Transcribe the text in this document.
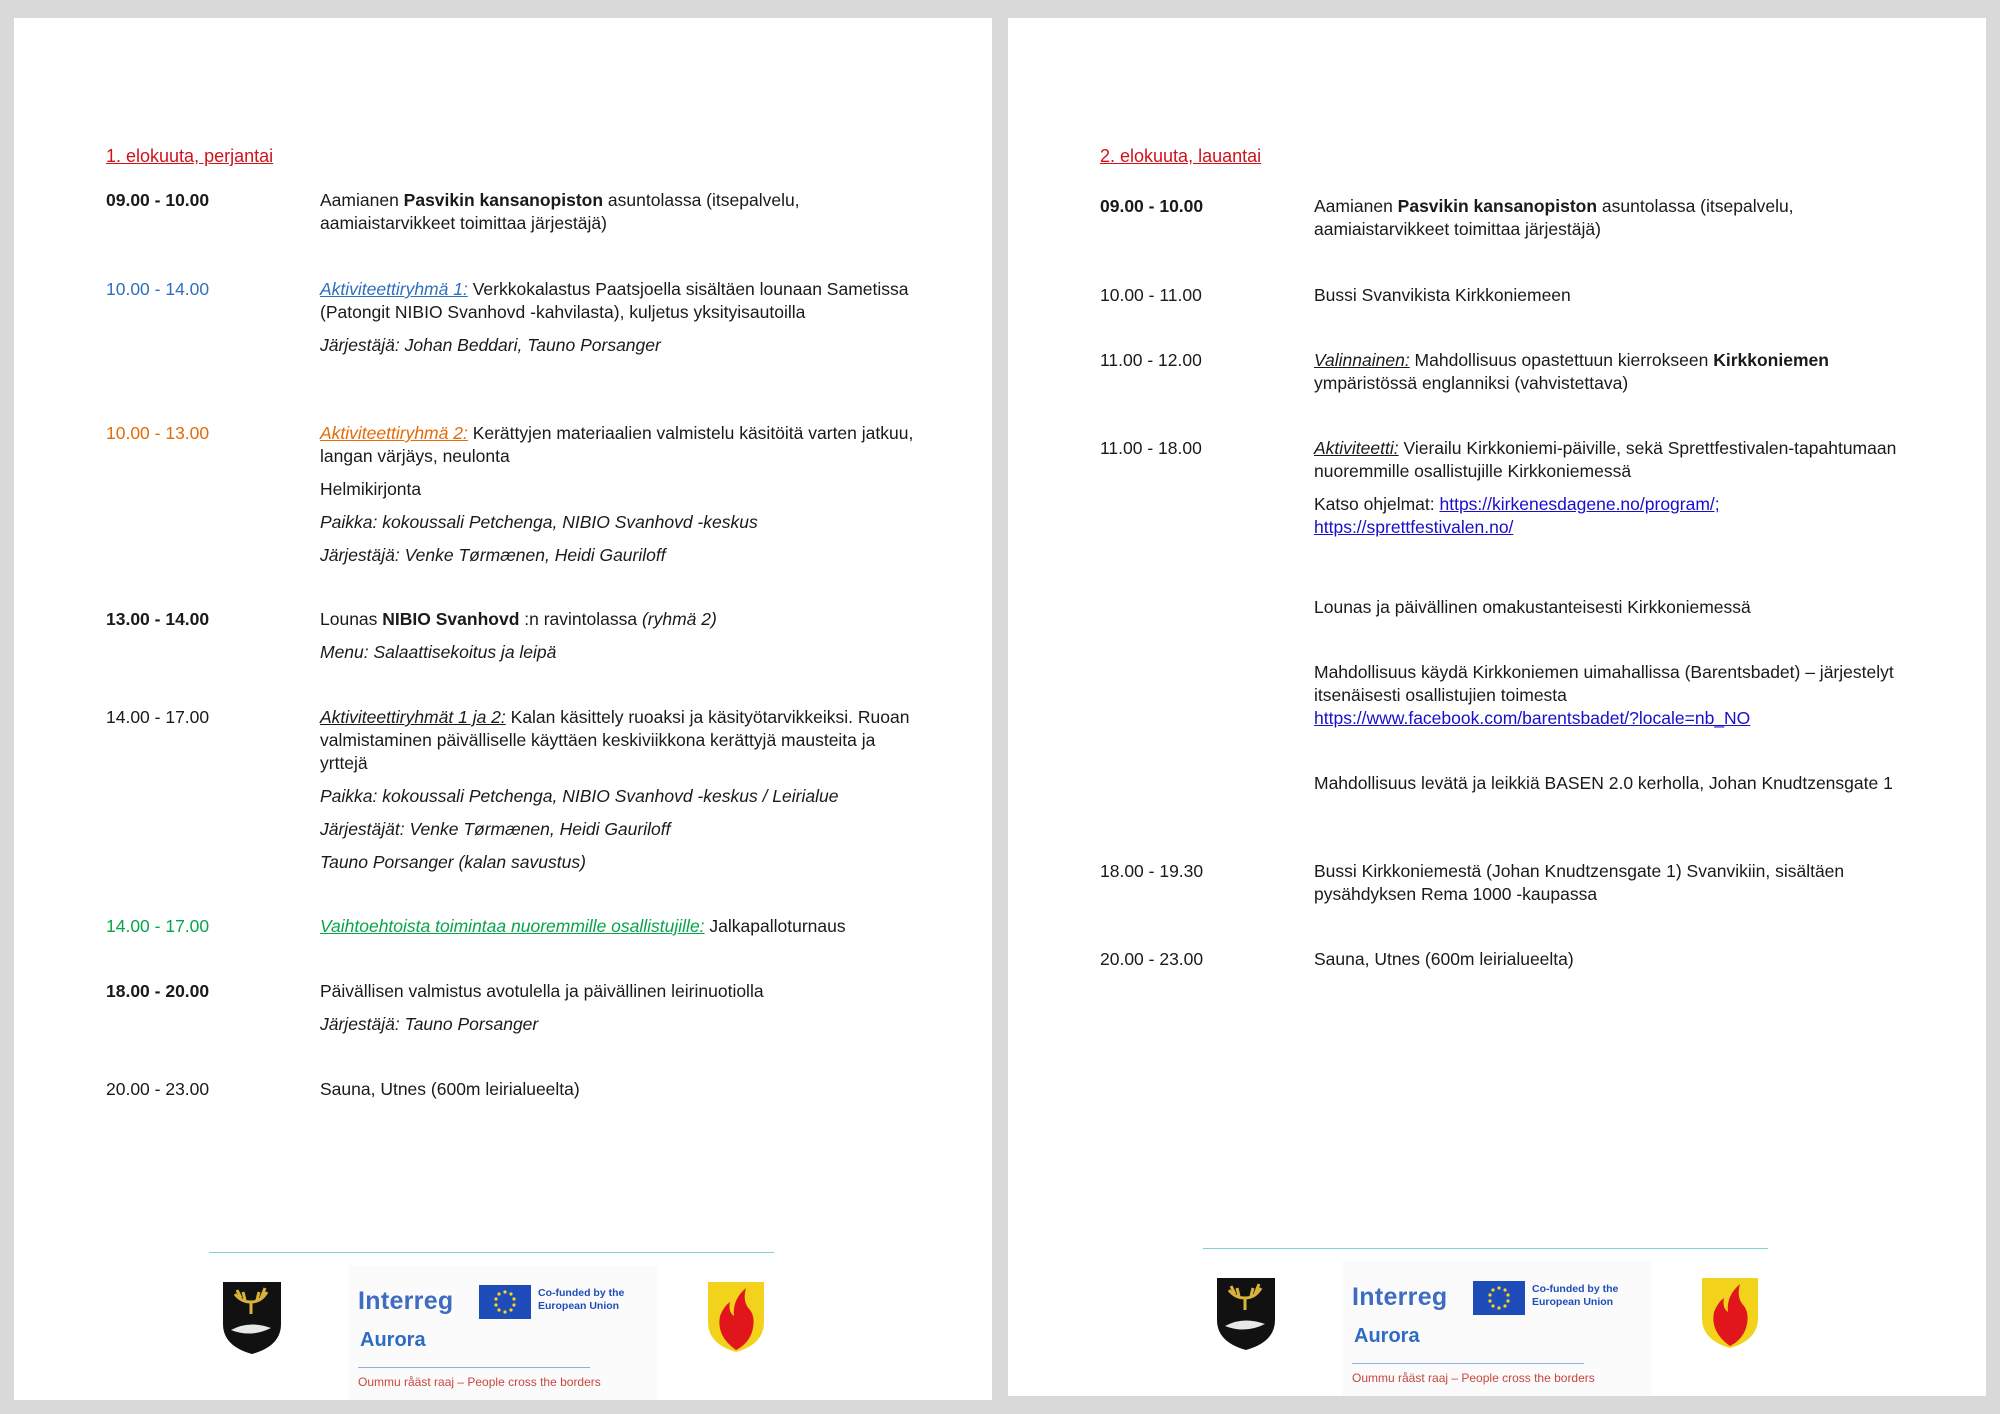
1. elokuuta, perjantai
09.00 - 10.00	Aamianen Pasvikin kansanopiston asuntolassa (itsepalvelu, aamiaistarvikkeet toimittaa järjestäjä)

10.00 - 14.00	Aktiviteettiryhmä 1: Verkkokalastus Paatsjoella sisältäen lounaan Sametissa (Patongit NIBIO Svanhovd -kahvilasta), kuljetus yksityisautoilla

Järjestäjä: Johan Beddari, Tauno Porsanger

10.00 - 13.00	Aktiviteettiryhmä 2: Kerättyjen materiaalien valmistelu käsitöitä varten jatkuu, langan värjäys, neulonta

Helmikirjonta

Paikka: kokoussali Petchenga, NIBIO Svanhovd -keskus

Järjestäjä: Venke Tørmænen, Heidi Gauriloff

13.00 - 14.00	Lounas NIBIO Svanhovd :n ravintolassa (ryhmä 2)

Menu: Salaattisekoitus ja leipä

14.00 - 17.00	Aktiviteettiryhmät 1 ja 2: Kalan käsittely ruoaksi ja käsityötarvikkeiksi. Ruoan valmistaminen päivälliselle käyttäen keskiviikkona kerättyjä mausteita ja yrttejä

Paikka: kokoussali Petchenga, NIBIO Svanhovd -keskus / Leirialue

Järjestäjät: Venke Tørmænen, Heidi Gauriloff

Tauno Porsanger (kalan savustus)

14.00 - 17.00	Vaihtoehtoista toimintaa nuoremmille osallistujille: Jalkapalloturnaus

18.00 - 20.00	Päivällisen valmistus avotulella ja päivällinen leirinuotiolla

Järjestäjä: Tauno Porsanger

20.00 - 23.00	Sauna, Utnes (600m leirialueelta)

Interreg	Co-funded by the European Union
Aurora
Oummu råäst raaj – People cross the borders
2. elokuuta, lauantai
09.00 - 10.00	Aamianen Pasvikin kansanopiston asuntolassa (itsepalvelu, aamiaistarvikkeet toimittaa järjestäjä)

10.00 - 11.00	Bussi Svanvikista Kirkkoniemeen

11.00 - 12.00	Valinnainen: Mahdollisuus opastettuun kierrokseen Kirkkoniemen ympäristössä englanniksi (vahvistettava)

11.00 - 18.00	Aktiviteetti: Vierailu Kirkkoniemi-päiville, sekä Sprettfestivalen-tapahtumaan nuoremmille osallistujille Kirkkoniemessä

Katso ohjelmat: https://kirkenesdagene.no/program/;
https://sprettfestivalen.no/

Lounas ja päivällinen omakustanteisesti Kirkkoniemessä

Mahdollisuus käydä Kirkkoniemen uimahallissa (Barentsbadet) – järjestelyt itsenäisesti osallistujien toimesta
https://www.facebook.com/barentsbadet/?locale=nb_NO

Mahdollisuus levätä ja leikkiä BASEN 2.0 kerholla, Johan Knudtzensgate 1

18.00 - 19.30	Bussi Kirkkoniemestä (Johan Knudtzensgate 1) Svanvikiin, sisältäen pysähdyksen Rema 1000 -kaupassa

20.00 - 23.00	Sauna, Utnes (600m leirialueelta)

Interreg	Co-funded by the European Union
Aurora
Oummu råäst raaj – People cross the borders
